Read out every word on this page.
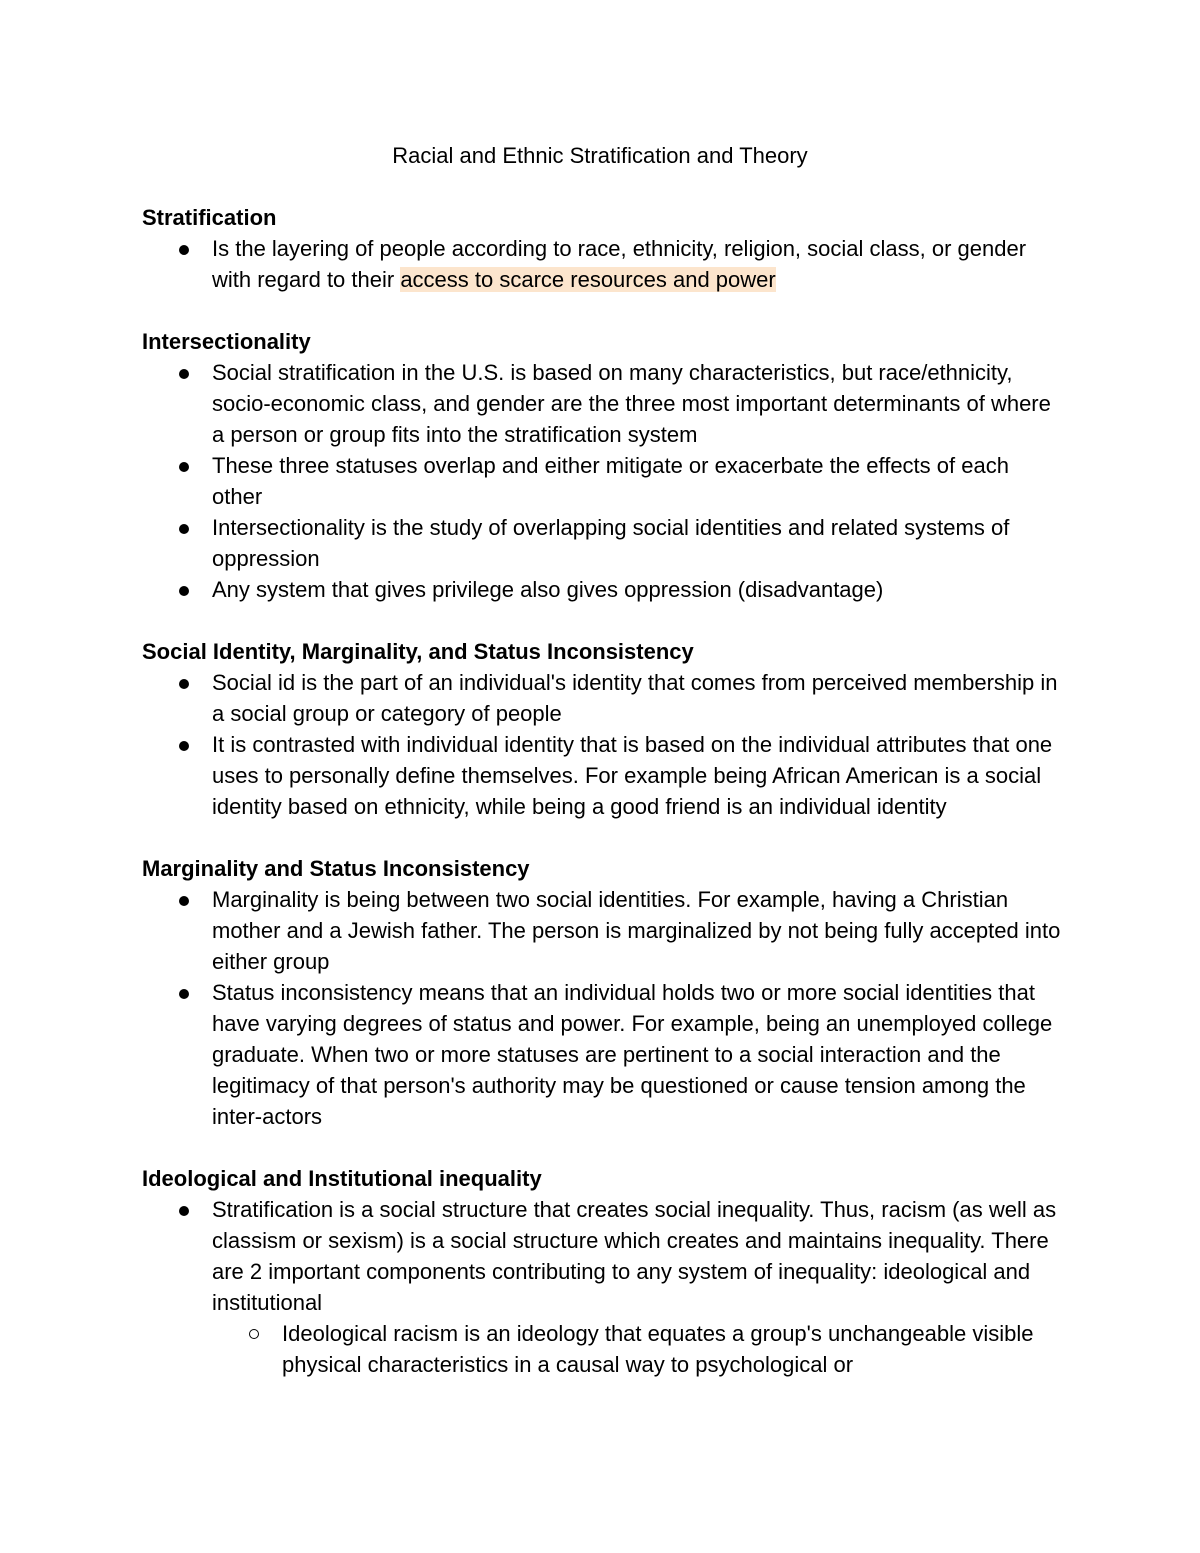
Racial and Ethnic Stratification and Theory
Stratification
Is the layering of people according to race, ethnicity, religion, social class, or gender with regard to their access to scarce resources and power
Intersectionality
Social stratification in the U.S. is based on many characteristics, but race/ethnicity, socio-economic class, and gender are the three most important determinants of where a person or group fits into the stratification system
These three statuses overlap and either mitigate or exacerbate the effects of each other
Intersectionality is the study of overlapping social identities and related systems of oppression
Any system that gives privilege also gives oppression (disadvantage)
Social Identity, Marginality, and Status Inconsistency
Social id is the part of an individual's identity that comes from perceived membership in a social group or category of people
It is contrasted with individual identity that is based on the individual attributes that one uses to personally define themselves. For example being African American is a social identity based on ethnicity, while being a good friend is an individual identity
Marginality and Status Inconsistency
Marginality is being between two social identities. For example, having a Christian mother and a Jewish father. The person is marginalized by not being fully accepted into either group
Status inconsistency means that an individual holds two or more social identities that have varying degrees of status and power. For example, being an unemployed college graduate. When two or more statuses are pertinent to a social interaction and the legitimacy of that person's authority may be questioned or cause tension among the inter-actors
Ideological and Institutional inequality
Stratification is a social structure that creates social inequality. Thus, racism (as well as classism or sexism) is a social structure which creates and maintains inequality. There are 2 important components contributing to any system of inequality: ideological and institutional
Ideological racism is an ideology that equates a group's unchangeable visible physical characteristics in a causal way to psychological or
